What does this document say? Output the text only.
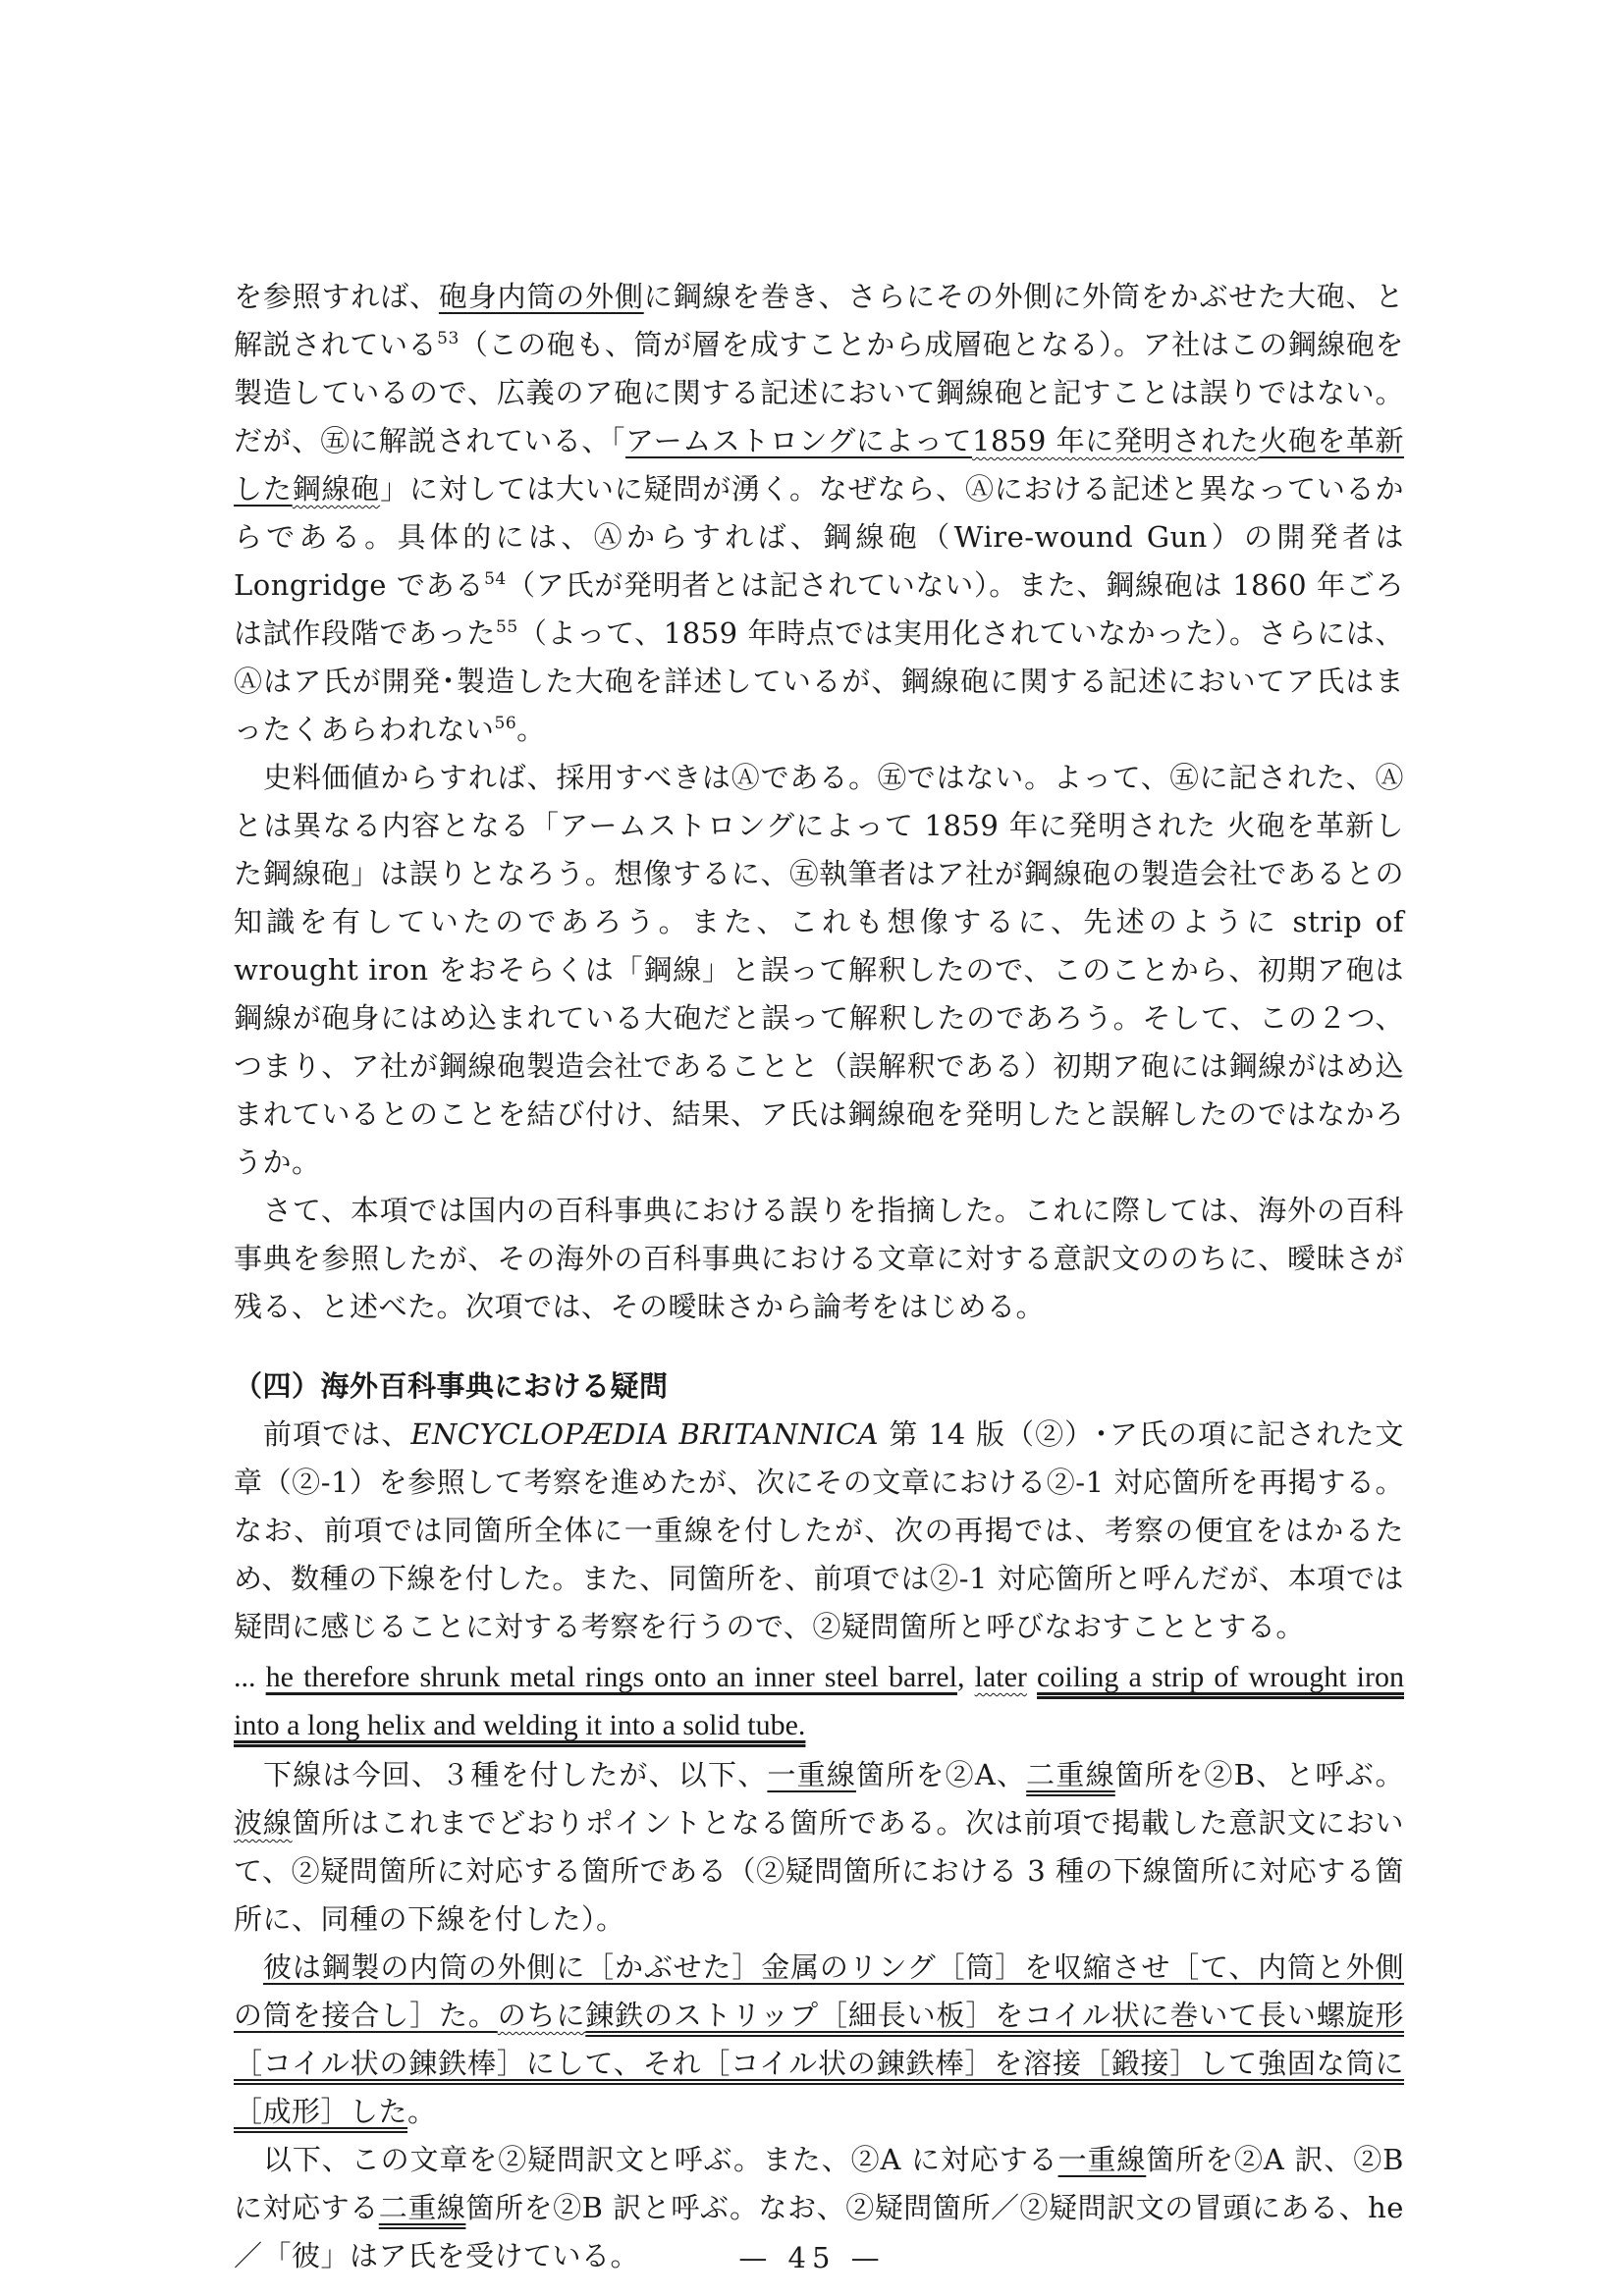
を参照すれば、砲身内筒の外側に鋼線を巻き、さらにその外側に外筒をかぶせた大砲、と解説されている$^{53}$（この砲も、筒が層を成すことから成層砲となる）。ア社はこの鋼線砲を製造しているので、広義のア砲に関する記述において鋼線砲と記すことは誤りではない。だが、㊄に解説されている、「アームストロングによって1859 年に発明された火砲を革新した鋼線砲」に対しては大いに疑問が湧く。なぜなら、Ⓐにおける記述と異なっているからである。具体的には、Ⓐからすれば、鋼線砲（Wire-wound Gun）の開発者は Longridge である$^{54}$（ア氏が発明者とは記されていない）。また、鋼線砲は 1860 年ごろは試作段階であった$^{55}$（よって、1859 年時点では実用化されていなかった）。さらには、Ⓐはア氏が開発･製造した大砲を詳述しているが、鋼線砲に関する記述においてア氏はまったくあらわれない$^{56}$。

史料価値からすれば、採用すべきはⒶである。㊄ではない。よって、㊄に記された、Ⓐとは異なる内容となる「アームストロングによって 1859 年に発明された 火砲を革新した鋼線砲」は誤りとなろう。想像するに、㊄執筆者はア社が鋼線砲の製造会社であるとの知識を有していたのであろう。また、これも想像するに、先述のように strip of wrought iron をおそらくは「鋼線」と誤って解釈したので、このことから、初期ア砲は鋼線が砲身にはめ込まれている大砲だと誤って解釈したのであろう。そして、この２つ、つまり、ア社が鋼線砲製造会社であることと（誤解釈である）初期ア砲には鋼線がはめ込まれているとのことを結び付け、結果、ア氏は鋼線砲を発明したと誤解したのではなかろうか。

さて、本項では国内の百科事典における誤りを指摘した。これに際しては、海外の百科事典を参照したが、その海外の百科事典における文章に対する意訳文ののちに、曖昧さが残る、と述べた。次項では、その曖昧さから論考をはじめる。

（四）海外百科事典における疑問

前項では、ENCYCLOPÆDIA BRITANNICA 第 14 版（②）･ア氏の項に記された文章（②-1）を参照して考察を進めたが、次にその文章における②-1 対応箇所を再掲する。なお、前項では同箇所全体に一重線を付したが、次の再掲では、考察の便宜をはかるため、数種の下線を付した。また、同箇所を、前項では②-1 対応箇所と呼んだが、本項では疑問に感じることに対する考察を行うので、②疑問箇所と呼びなおすこととする。

... he therefore shrunk metal rings onto an inner steel barrel, later coiling a strip of wrought iron into a long helix and welding it into a solid tube.

下線は今回、３種を付したが、以下、一重線箇所を②A、二重線箇所を②B、と呼ぶ。波線箇所はこれまでどおりポイントとなる箇所である。次は前項で掲載した意訳文において、②疑問箇所に対応する箇所である（②疑問箇所における 3 種の下線箇所に対応する箇所に、同種の下線を付した）。

彼は鋼製の内筒の外側に［かぶせた］金属のリング［筒］を収縮させ［て、内筒と外側の筒を接合し］た。のちに錬鉄のストリップ［細長い板］をコイル状に巻いて長い螺旋形［コイル状の錬鉄棒］にして、それ［コイル状の錬鉄棒］を溶接［鍛接］して強固な筒に［成形］した。

以下、この文章を②疑問訳文と呼ぶ。また、②A に対応する一重線箇所を②A 訳、②B に対応する二重線箇所を②B 訳と呼ぶ。なお、②疑問箇所／②疑問訳文の冒頭にある、he／「彼」はア氏を受けている。	— 45 —
